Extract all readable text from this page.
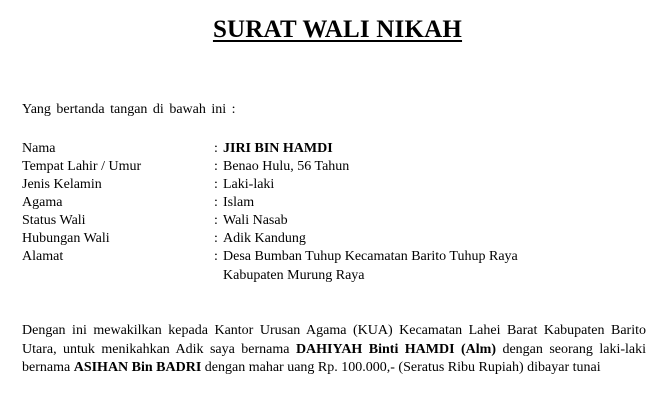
SURAT WALI NIKAH
Yang bertanda tangan di bawah ini :
Nama	: JIRI BIN HAMDI
Tempat Lahir / Umur	: Benao Hulu, 56 Tahun
Jenis Kelamin	: Laki-laki
Agama	: Islam
Status Wali	: Wali Nasab
Hubungan Wali	: Adik Kandung
Alamat	: Desa Bumban Tuhup Kecamatan Barito Tuhup Raya
Kabupaten Murung Raya
Dengan ini mewakilkan kepada Kantor Urusan Agama (KUA) Kecamatan Lahei Barat Kabupaten Barito Utara, untuk menikahkan Adik saya bernama DAHIYAH Binti HAMDI (Alm) dengan seorang laki-laki bernama ASIHAN Bin BADRI dengan mahar uang Rp. 100.000,- (Seratus Ribu Rupiah) dibayar tunai
